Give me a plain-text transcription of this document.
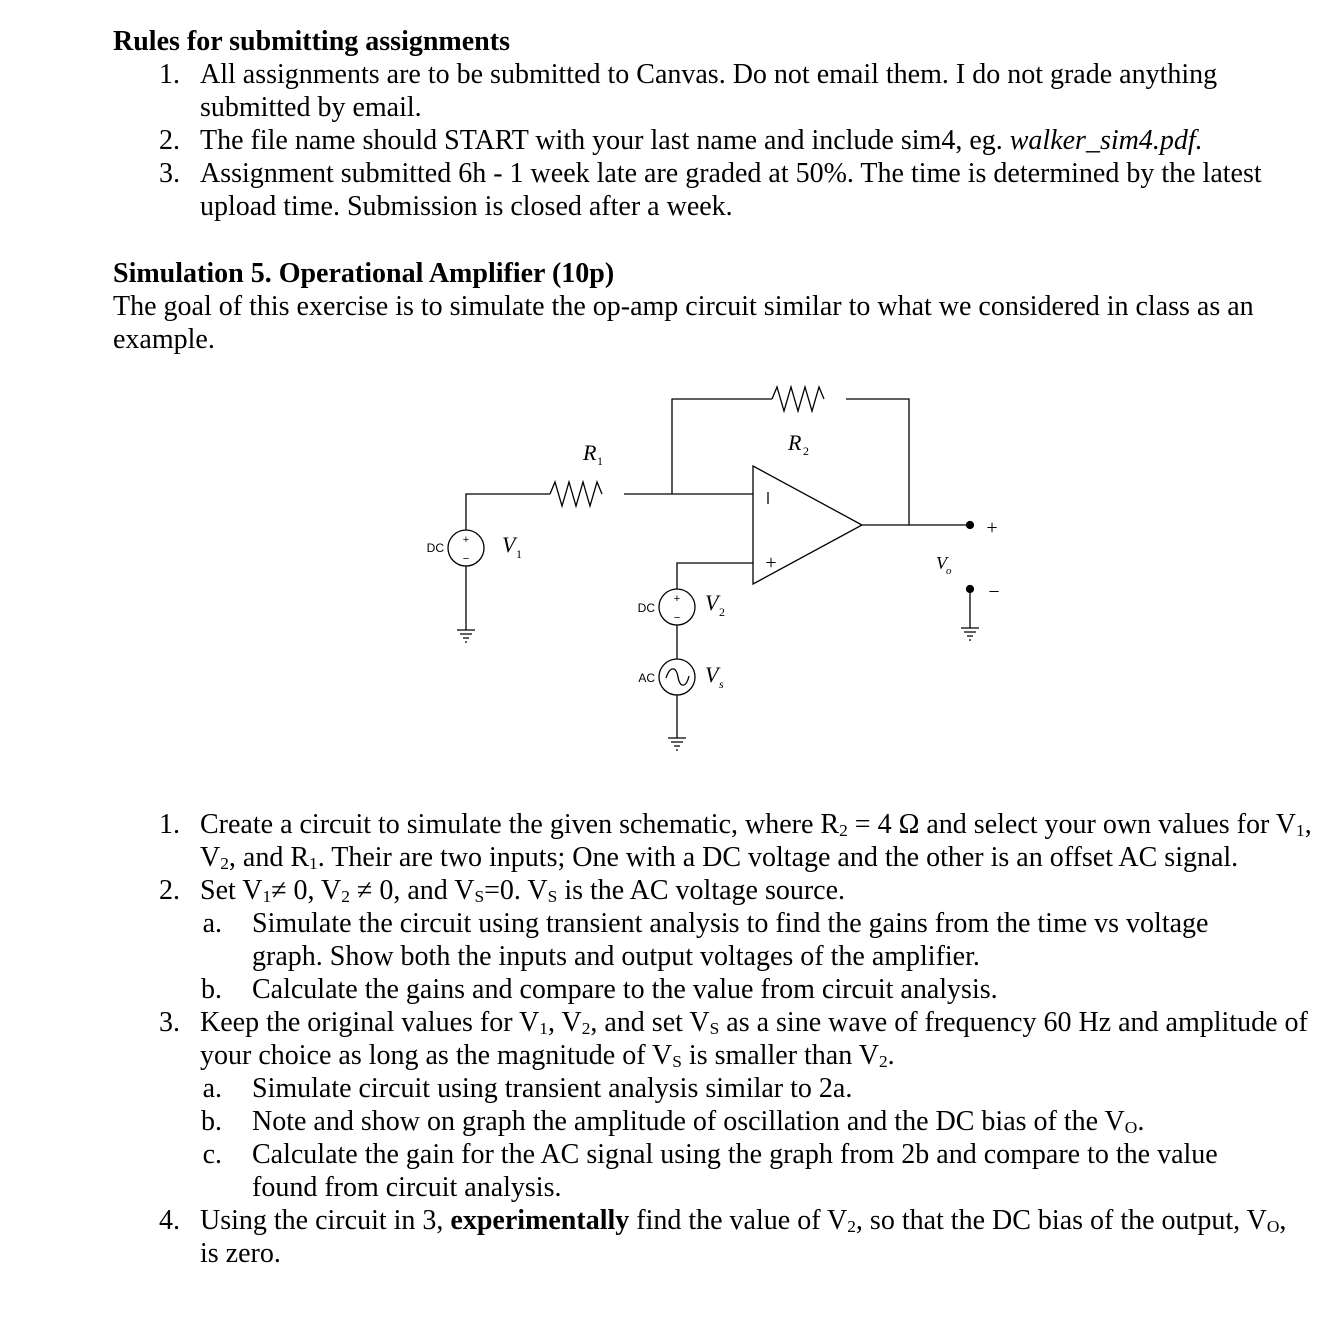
Rules for submitting assignments
1. All assignments are to be submitted to Canvas. Do not email them. I do not grade anything submitted by email.
2. The file name should START with your last name and include sim4, eg. walker_sim4.pdf.
3. Assignment submitted 6h - 1 week late are graded at 50%. The time is determined by the latest upload time. Submission is closed after a week.
Simulation 5. Operational Amplifier (10p)
The goal of this exercise is to simulate the op-amp circuit similar to what we considered in class as an example.
+
−
+
−
DC
DC
AC
R 1
R 2
V 1
V 2
V s
V o
+
+
−
1. Create a circuit to simulate the given schematic, where $R_2 = 4$ Ω and select your own values for $V_1$, $V_2$, and $R_1$. Their are two inputs; One with a DC voltage and the other is an offset AC signal.
2. Set $V_1\ne 0$, $V_2 \ne 0$, and $V_S=0$. $V_S$ is the AC voltage source.
a. Simulate the circuit using transient analysis to find the gains from the time vs voltage graph. Show both the inputs and output voltages of the amplifier.
b. Calculate the gains and compare to the value from circuit analysis.
3. Keep the original values for $V_1$, $V_2$, and set $V_S$ as a sine wave of frequency 60 Hz and amplitude of your choice as long as the magnitude of $V_S$ is smaller than $V_2$.
a. Simulate circuit using transient analysis similar to 2a.
b. Note and show on graph the amplitude of oscillation and the DC bias of the $V_O$.
c. Calculate the gain for the AC signal using the graph from 2b and compare to the value found from circuit analysis.
4. Using the circuit in 3, experimentally find the value of $V_2$, so that the DC bias of the output, $V_O$, is zero.
